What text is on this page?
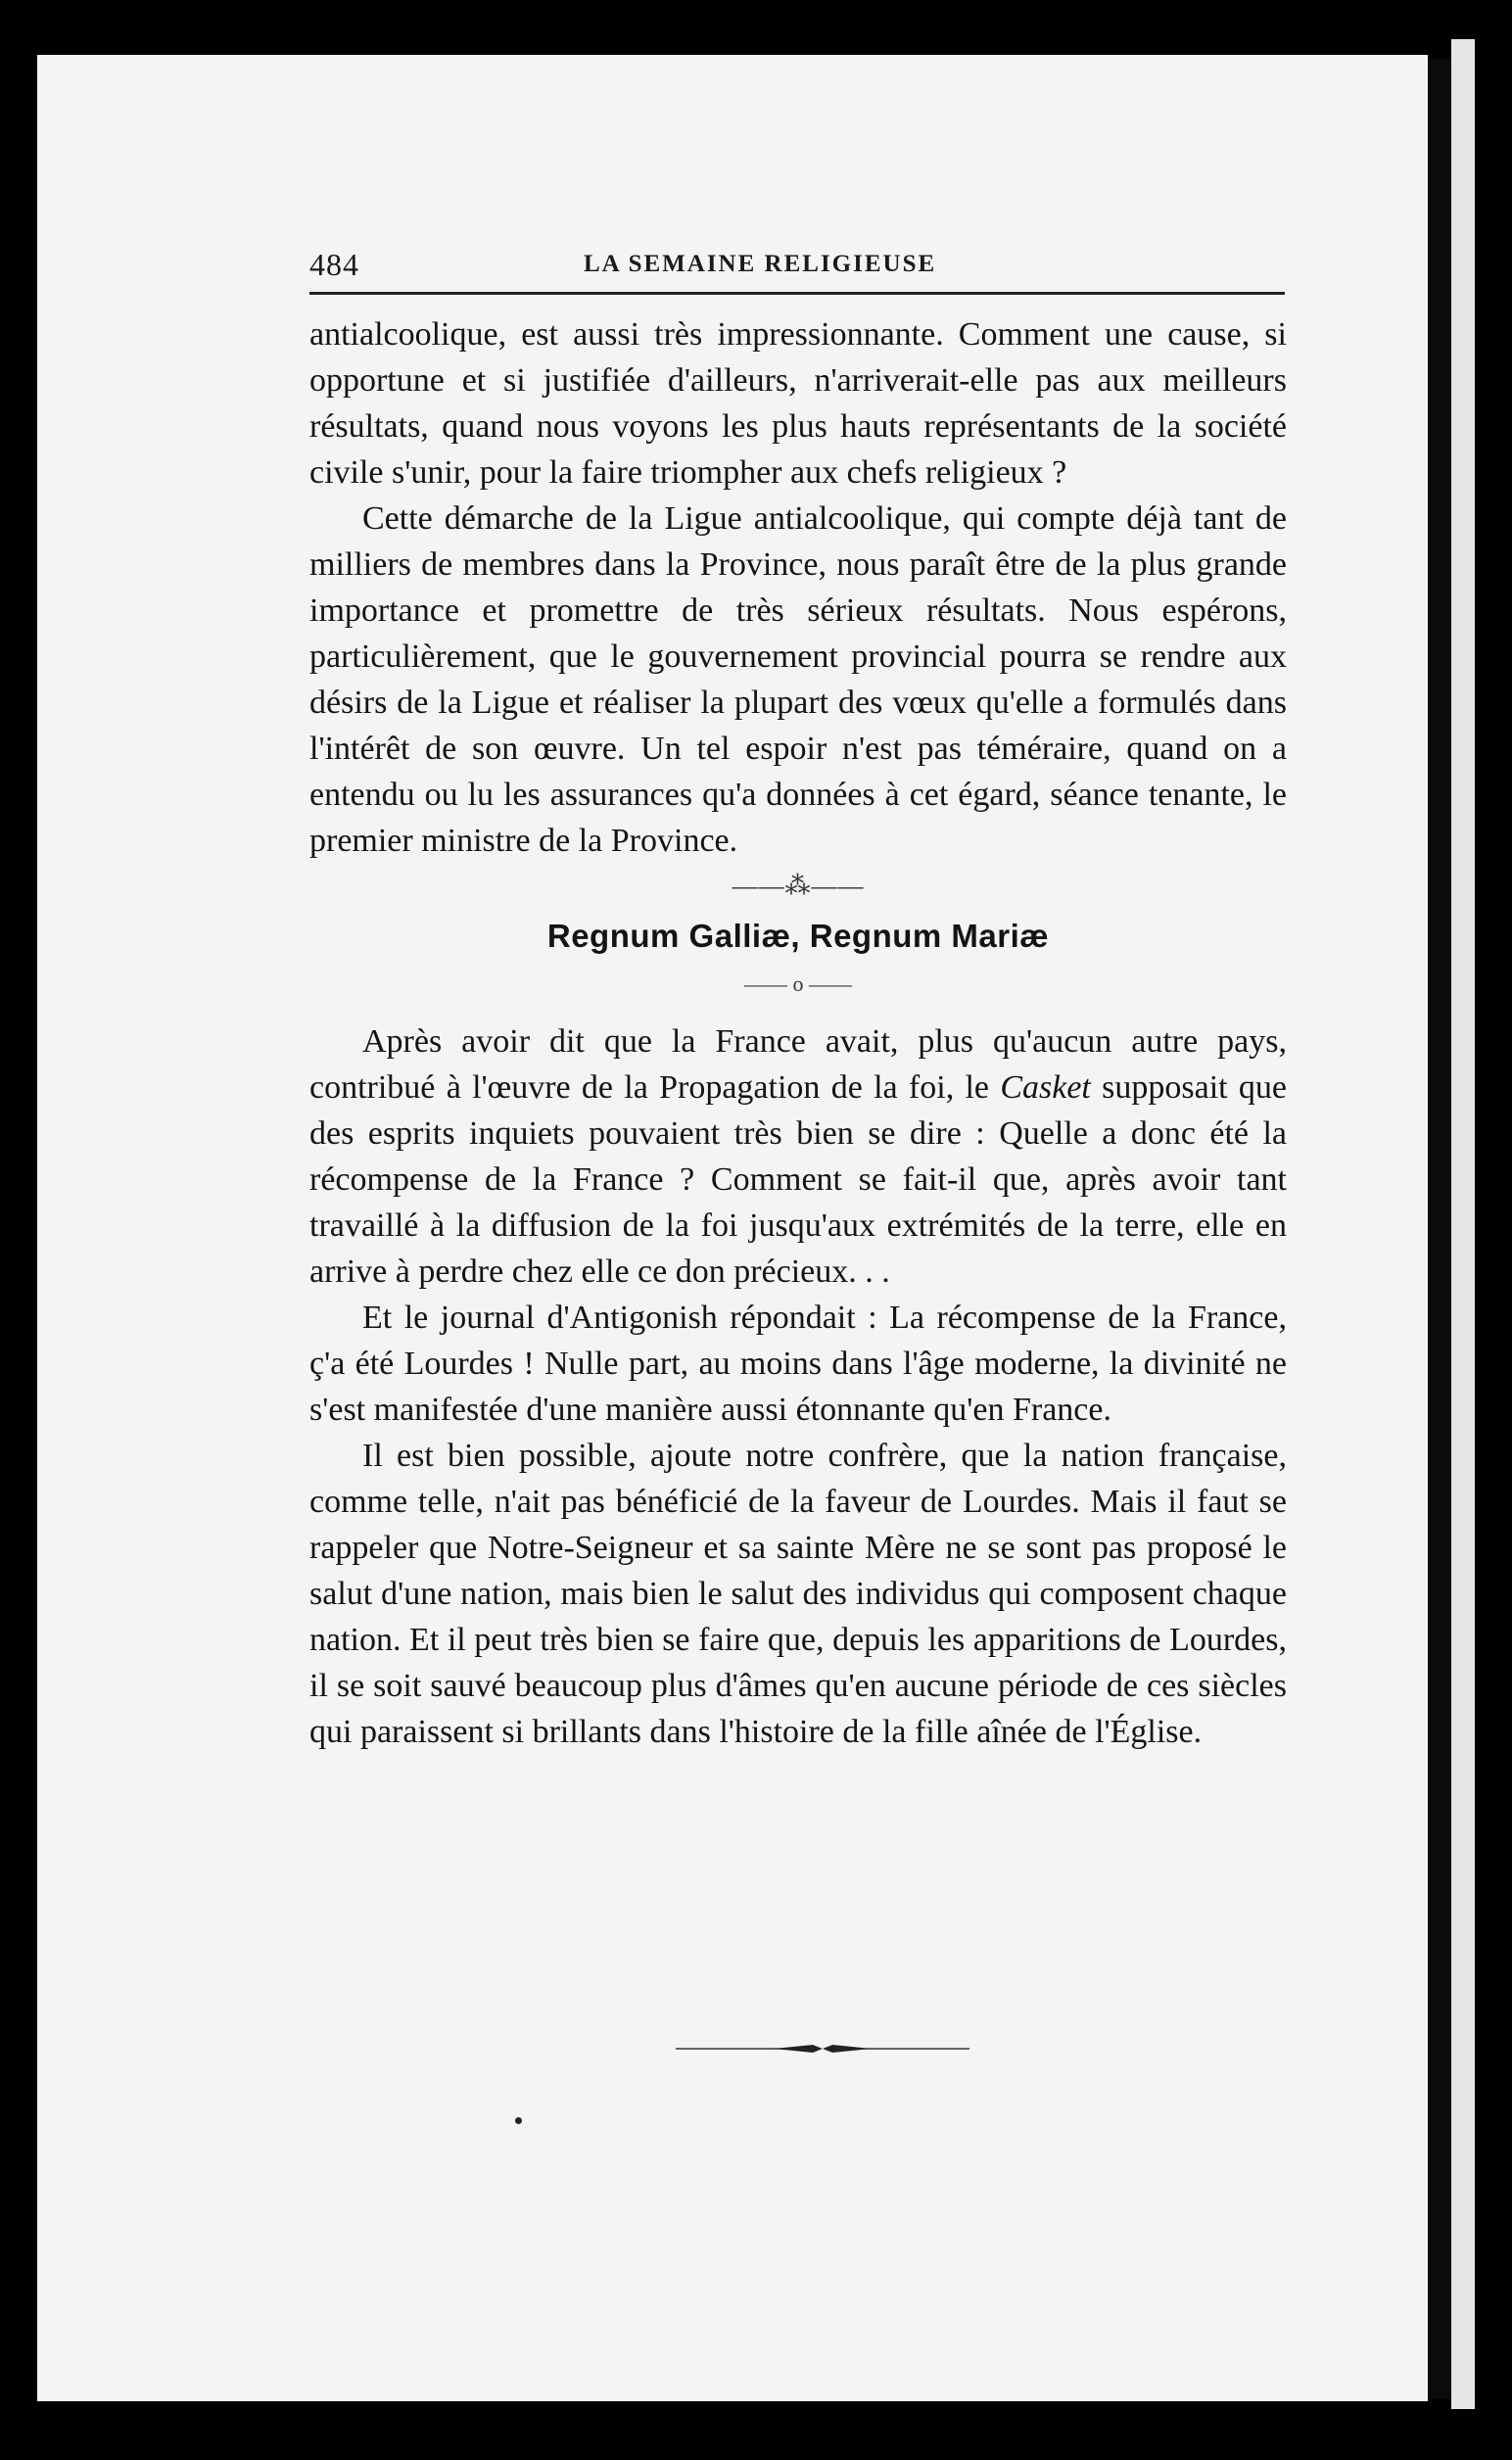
484	LA SEMAINE RELIGIEUSE

antialcoolique, est aussi très impressionnante. Comment une cause, si opportune et si justifiée d'ailleurs, n'arriverait-elle pas aux meilleurs résultats, quand nous voyons les plus hauts représentants de la société civile s'unir, pour la faire triompher aux chefs religieux ?

Cette démarche de la Ligue antialcoolique, qui compte déjà tant de milliers de membres dans la Province, nous paraît être de la plus grande importance et promettre de très sérieux résultats. Nous espérons, particulièrement, que le gouvernement provincial pourra se rendre aux désirs de la Ligue et réaliser la plupart des vœux qu'elle a formulés dans l'intérêt de son œuvre. Un tel espoir n'est pas téméraire, quand on a entendu ou lu les assurances qu'a données à cet égard, séance tenante, le premier ministre de la Province.

——⁂——
Regnum Galliæ, Regnum Mariæ
—— o ——

Après avoir dit que la France avait, plus qu'aucun autre pays, contribué à l'œuvre de la Propagation de la foi, le Casket supposait que des esprits inquiets pouvaient très bien se dire : Quelle a donc été la récompense de la France ? Comment se fait-il que, après avoir tant travaillé à la diffusion de la foi jusqu'aux extrémités de la terre, elle en arrive à perdre chez elle ce don précieux. . .

Et le journal d'Antigonish répondait : La récompense de la France, ç'a été Lourdes ! Nulle part, au moins dans l'âge moderne, la divinité ne s'est manifestée d'une manière aussi étonnante qu'en France.

Il est bien possible, ajoute notre confrère, que la nation française, comme telle, n'ait pas bénéficié de la faveur de Lourdes. Mais il faut se rappeler que Notre-Seigneur et sa sainte Mère ne se sont pas proposé le salut d'une nation, mais bien le salut des individus qui composent chaque nation. Et il peut très bien se faire que, depuis les apparitions de Lourdes, il se soit sauvé beaucoup plus d'âmes qu'en aucune période de ces siècles qui paraissent si brillants dans l'histoire de la fille aînée de l'Église.
